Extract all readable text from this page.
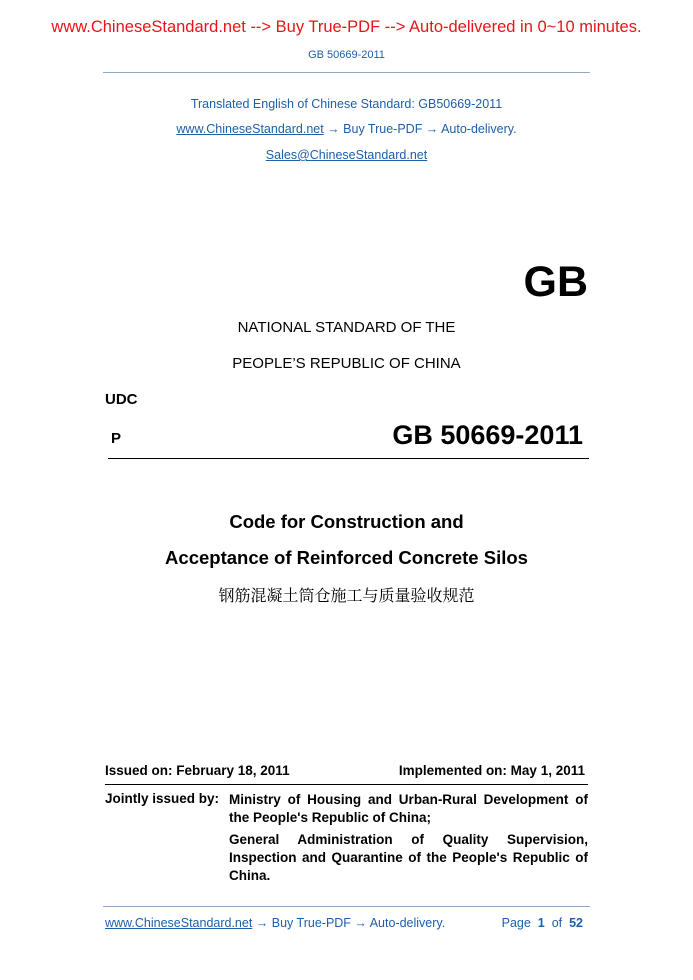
www.ChineseStandard.net --> Buy True-PDF --> Auto-delivered in 0~10 minutes.
GB 50669-2011
Translated English of Chinese Standard: GB50669-2011
www.ChineseStandard.net → Buy True-PDF → Auto-delivery.
Sales@ChineseStandard.net
GB
NATIONAL STANDARD OF THE
PEOPLE’S REPUBLIC OF CHINA
UDC
P	GB 50669-2011
Code for Construction and
Acceptance of Reinforced Concrete Silos
钢筋混凝土筒仓施工与质量验收规范
Issued on: February 18, 2011	Implemented on: May 1, 2011
Jointly issued by: Ministry of Housing and Urban-Rural Development of the People's Republic of China;
General Administration of Quality Supervision, Inspection and Quarantine of the People's Republic of China.
www.ChineseStandard.net → Buy True-PDF → Auto-delivery.	Page 1 of 52
